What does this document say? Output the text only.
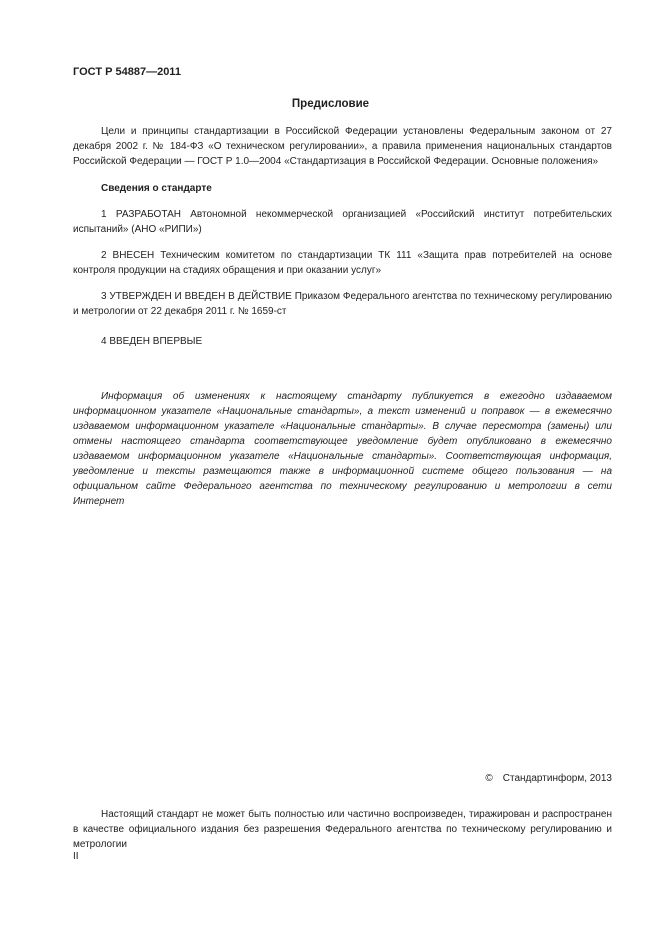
ГОСТ Р 54887—2011
Предисловие

Цели и принципы стандартизации в Российской Федерации установлены Федеральным законом от 27 декабря 2002 г. № 184-ФЗ «О техническом регулировании», а правила применения национальных стандартов Российской Федерации — ГОСТ Р 1.0—2004 «Стандартизация в Российской Федерации. Основные положения»

Сведения о стандарте

1 РАЗРАБОТАН Автономной некоммерческой организацией «Российский институт потребительских испытаний» (АНО «РИПИ»)

2 ВНЕСЕН Техническим комитетом по стандартизации ТК 111 «Защита прав потребителей на основе контроля продукции на стадиях обращения и при оказании услуг»

3 УТВЕРЖДЕН И ВВЕДЕН В ДЕЙСТВИЕ Приказом Федерального агентства по техническому регулированию и метрологии от 22 декабря 2011 г. № 1659-ст

4 ВВЕДЕН ВПЕРВЫЕ

Информация об изменениях к настоящему стандарту публикуется в ежегодно издаваемом информационном указателе «Национальные стандарты», а текст изменений и поправок — в ежемесячно издаваемом информационном указателе «Национальные стандарты». В случае пересмотра (замены) или отмены настоящего стандарта соответствующее уведомление будет опубликовано в ежемесячно издаваемом информационном указателе «Национальные стандарты». Соответствующая информация, уведомление и тексты размещаются также в информационной системе общего пользования — на официальном сайте Федерального агентства по техническому регулированию и метрологии в сети Интернет

© Стандартинформ, 2013

Настоящий стандарт не может быть полностью или частично воспроизведен, тиражирован и распространен в качестве официального издания без разрешения Федерального агентства по техническому регулированию и метрологии

II
